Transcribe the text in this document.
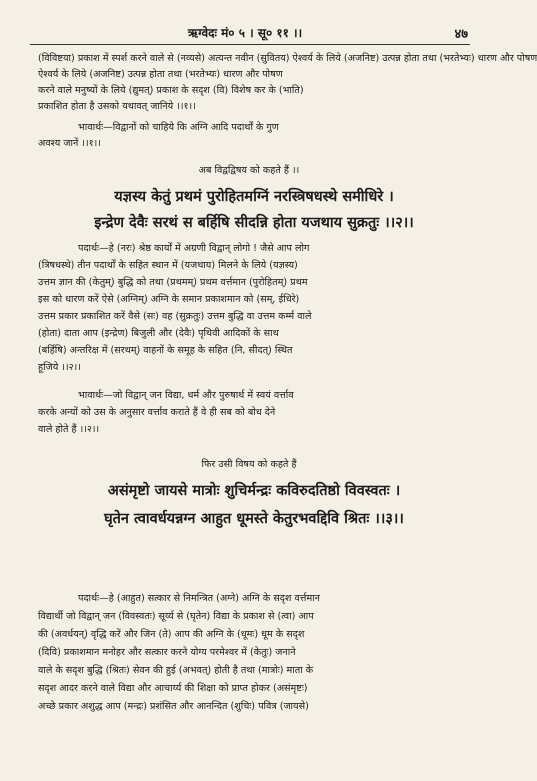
ऋग्वेदः मं० ५ । सू० ११ ।।	४७
(विविष्टया) प्रकाश में स्पर्श करने वाले से (नव्यसे) अत्यन्त नवीन (सुवितय) ऐश्वर्य के लिये (अजनिष्ट) उत्पन्न होता तथा (भरतेभ्यः) धारण और पोषण
ऐश्वर्य के लिये (अजनिष्ट) उत्पन्न होता तथा (भरतेभ्यः) धारण और पोषण
करने वाले मनुष्यों के लिये (द्युमत्) प्रकाश के सदृश (वि) विशेष कर के (भाति)
प्रकाशित होता है उसको यथावत् जानिये ।।१।।
भावार्थः—विद्वानों को चाहिये कि अग्नि आदि पदार्थों के गुण
अवश्य जानें ।।१।।
अब विद्वद्विषय को कहते हैं ।।
यज्ञस्य केतुं प्रथमं पुरोहितमग्निं नरस्त्रिषधस्थे समीधिरे ।
इन्द्रेण देवैः सरथं स बर्हिषि सीदन्नि होता यजथाय सुक्रतुः ।।२।।
पदार्थः—हे (नरः) श्रेष्ठ कार्यों में अग्रणी विद्वान् लोगो ! जैसे आप लोग
(त्रिषधस्थे) तीन पदार्थों के सहित स्थान में (यजथाय) मिलने के लिये (यज्ञस्य)
उत्तम ज्ञान की (केतुम्) बुद्धि को तथा (प्रथमम्) प्रथम वर्त्तमान (पुरोहितम्) प्रथम
इस को धारण करें ऐसे (अग्निम्) अग्नि के समान प्रकाशमान को (सम्, ईधिरे)
उत्तम प्रकार प्रकाशित करें वैसे (सः) वह (सुक्रतुः) उत्तम बुद्धि वा उत्तम कर्म्म वाले
(होता) दाता आप (इन्द्रेण) बिजुली और (देवैः) पृथिवी आदिकों के साथ
(बर्हिषि) अन्तरिक्ष में (सरथम्) वाहनों के समूह के सहित (नि, सीदत्) स्थित
हूजिये ।।२।।
भावार्थः—जो विद्वान् जन विद्या, धर्म और पुरुषार्थ में स्वयं वर्त्ताव
करके अन्यों को उस के अनुसार वर्त्ताव कराते हैं वे ही सब को बोध देने
वाले होते हैं ।।२।।
फिर उसी विषय को कहते हैं
असंमृष्टो जायसे मात्रोः शुचिर्मन्द्रः कविरुदतिष्ठो विवस्वतः ।
घृतेन त्वावर्धयन्नग्न आहुत धूमस्ते केतुरभवद्दिवि श्रितः ।।३।।
पदार्थः—हे (आहुत) सत्कार से निमन्त्रित (अग्ने) अग्नि के सदृश वर्त्तमान
विद्यार्थी जो विद्वान् जन (विवस्वतः) सूर्य्य से (घृतेन) विद्या के प्रकाश से (त्वा) आप
की (अवर्धयन्) वृद्धि करें और जिन (ते) आप की अग्नि के (धूमः) धूम के सदृश
(दिवि) प्रकाशमान मनोहर और सत्कार करने योग्य परमेश्वर में (केतुः) जनाने
वाले के सदृश बुद्धि (श्रितः) सेवन की हुई (अभवत्) होती है तथा (मात्रोः) माता के
सदृश आदर करने वाले विद्या और आचार्य्य की शिक्षा को प्राप्त होकर (असंमृष्टः)
अच्छे प्रकार अशुद्ध आप (मन्द्रः) प्रशंसित और आनन्दित (शुचिः) पवित्र (जायसे)
